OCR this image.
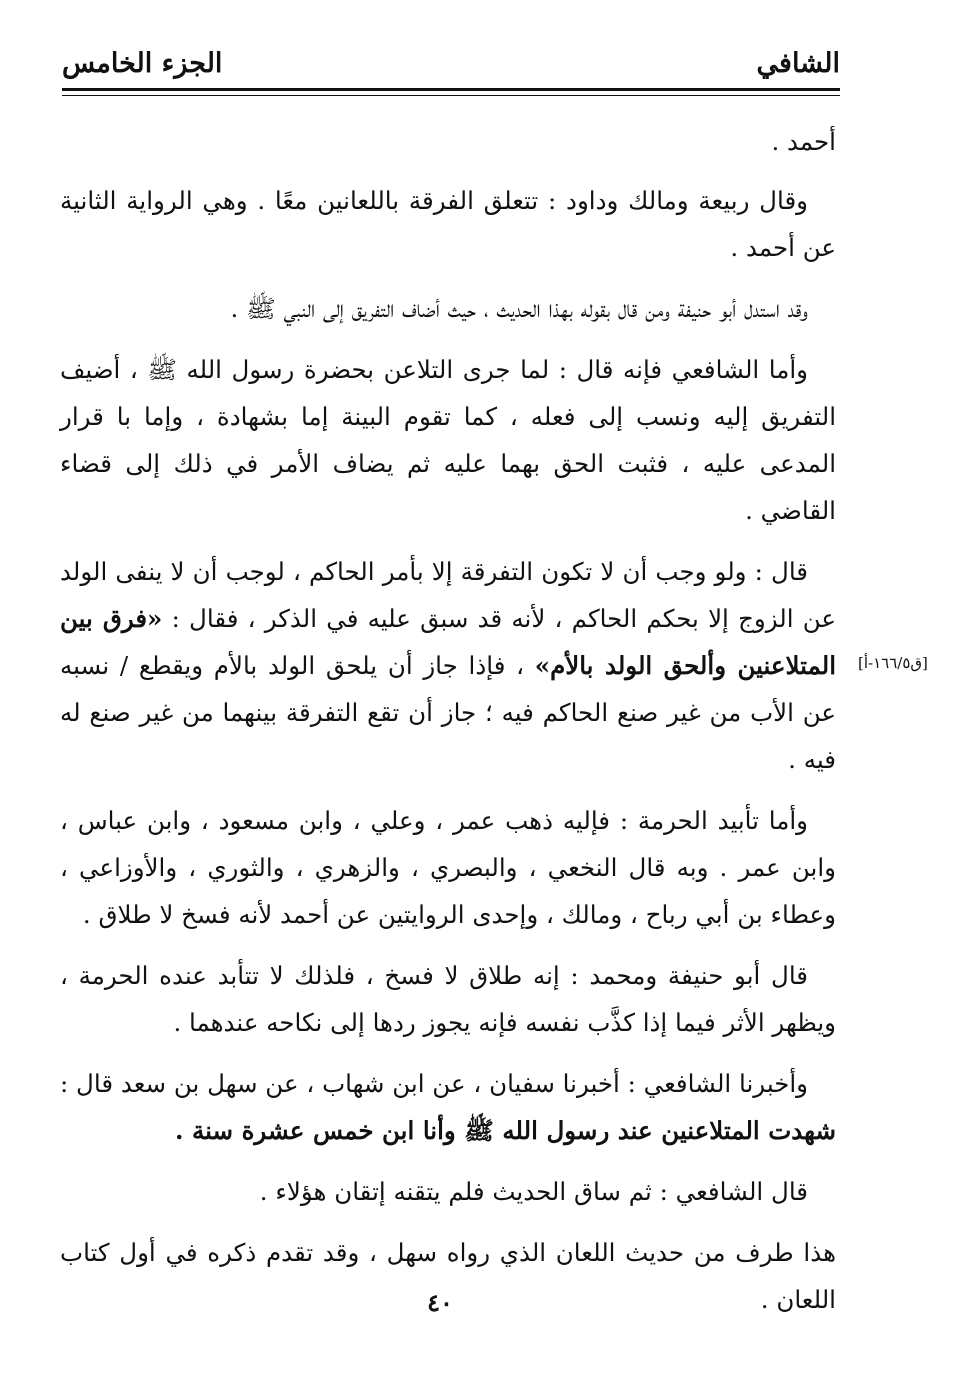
الشافي
الجزء الخامس

أحمد .

وقال ربيعة ومالك وداود : تتعلق الفرقة باللعانين معًا . وهي الرواية الثانية عن أحمد .

وقد استدل أبو حنيفة ومن قال بقوله بهذا الحديث ، حيث أضاف التفريق إلى النبي ﷺ .

وأما الشافعي فإنه قال : لما جرى التلاعن بحضرة رسول الله ﷺ ، أضيف التفريق إليه ونسب إلى فعله ، كما تقوم البينة إما بشهادة ، وإما با قرار المدعى عليه ، فثبت الحق بهما عليه ثم يضاف الأمر في ذلك إلى قضاء القاضي .

قال : ولو وجب أن لا تكون التفرقة إلا بأمر الحاكم ، لوجب أن لا ينفى الولد عن الزوج إلا بحكم الحاكم ، لأنه قد سبق عليه في الذكر ، فقال : «فرق بين المتلاعنين وألحق الولد بالأم» ، فإذا جاز أن يلحق الولد بالأم ويقطع / نسبه عن الأب من غير صنع الحاكم فيه ؛ جاز أن تقع التفرقة بينهما من غير صنع له فيه .

وأما تأبيد الحرمة : فإليه ذهب عمر ، وعلي ، وابن مسعود ، وابن عباس ، وابن عمر . وبه قال النخعي ، والبصري ، والزهري ، والثوري ، والأوزاعي ، وعطاء بن أبي رباح ، ومالك ، وإحدى الروايتين عن أحمد لأنه فسخ لا طلاق .

قال أبو حنيفة ومحمد : إنه طلاق لا فسخ ، فلذلك لا تتأبد عنده الحرمة ، ويظهر الأثر فيما إذا كذَّب نفسه فإنه يجوز ردها إلى نكاحه عندهما .

وأخبرنا الشافعي : أخبرنا سفيان ، عن ابن شهاب ، عن سهل بن سعد قال : شهدت المتلاعنين عند رسول الله ﷺ وأنا ابن خمس عشرة سنة .

قال الشافعي : ثم ساق الحديث فلم يتقنه إتقان هؤلاء .

هذا طرف من حديث اللعان الذي رواه سهل ، وقد تقدم ذكره في أول كتاب اللعان .

[ق١٦٦/٥-أ]
٤٠
